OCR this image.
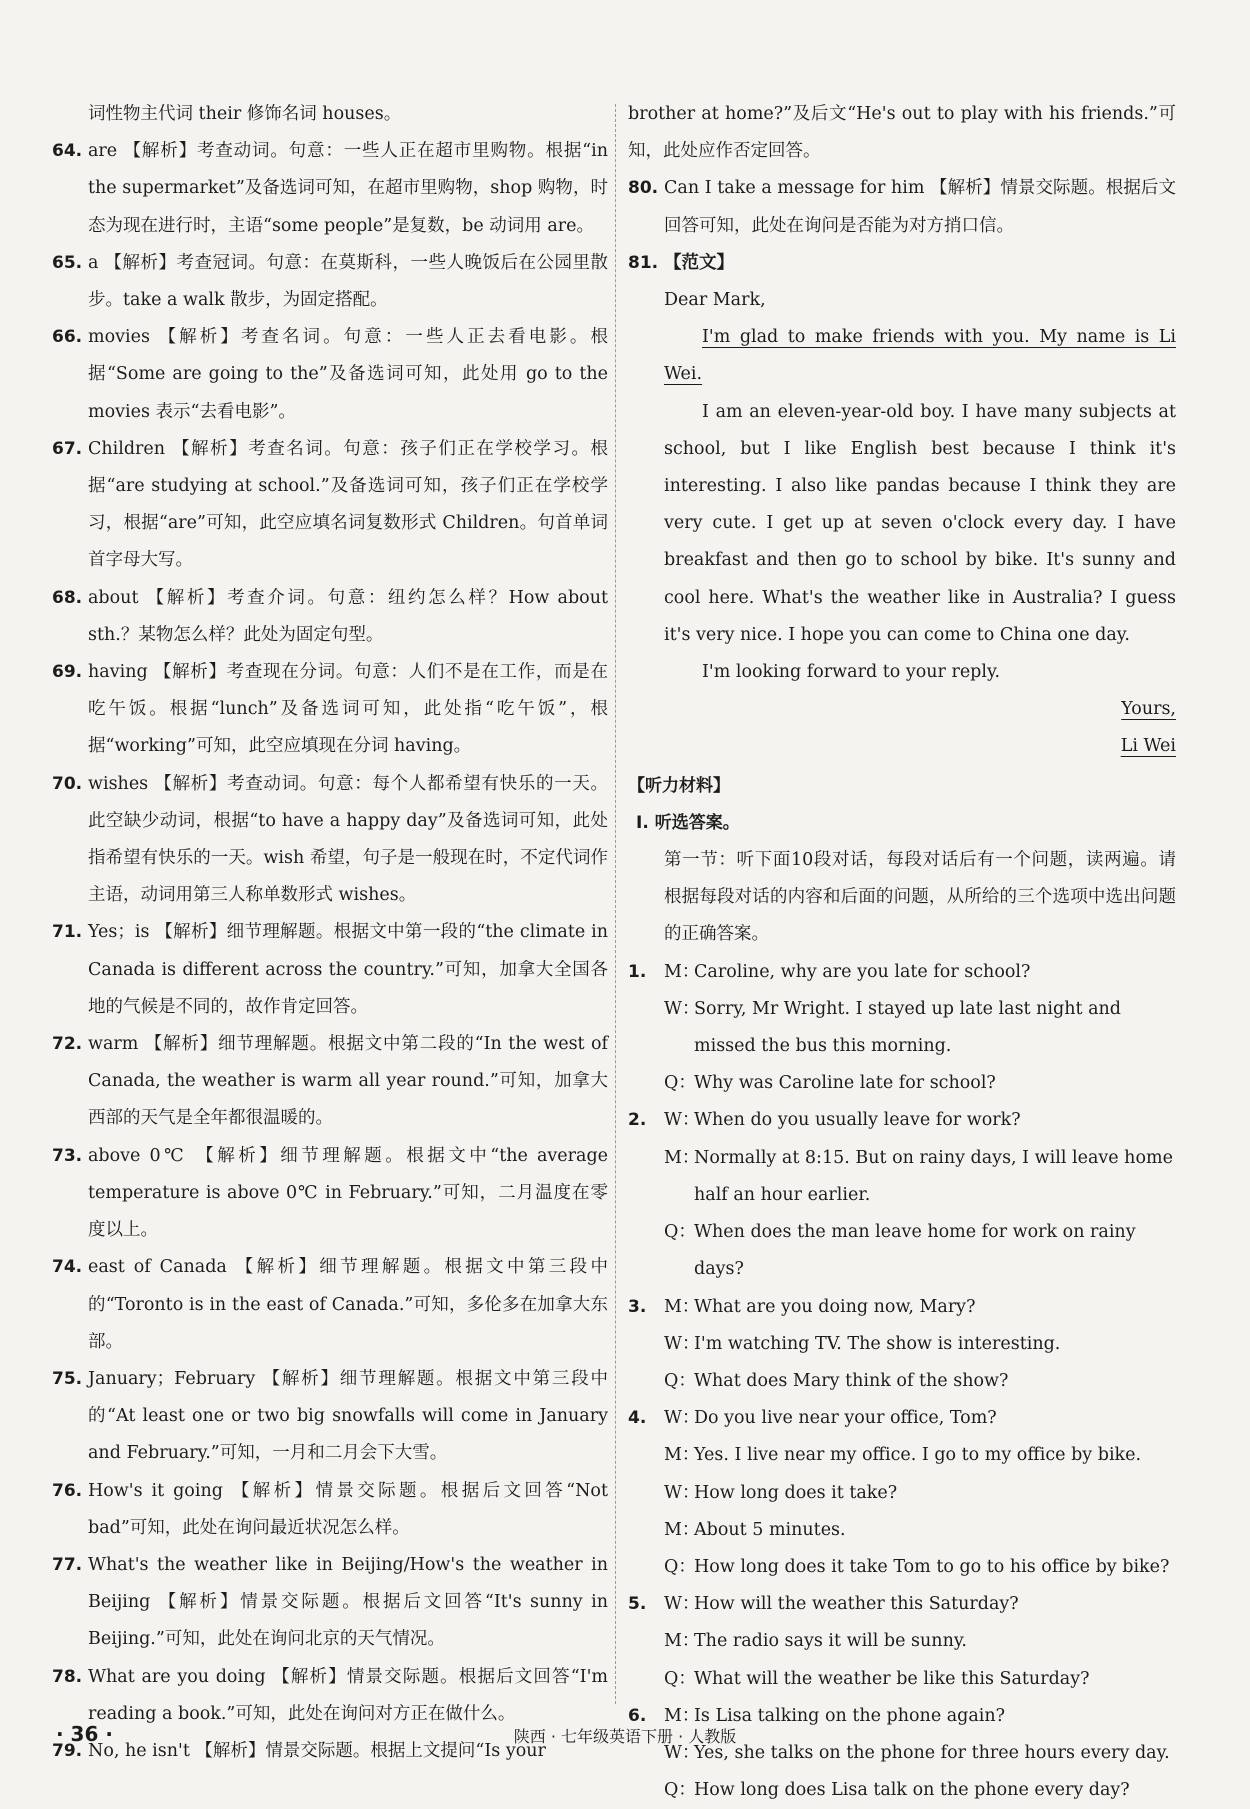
词性物主代词 their 修饰名词 houses。
64. are 【解析】考查动词。句意：一些人正在超市里购物。根据“in the supermarket”及备选词可知，在超市里购物，shop 购物，时态为现在进行时，主语“some people”是复数，be 动词用 are。
65. a 【解析】考查冠词。句意：在莫斯科，一些人晚饭后在公园里散步。take a walk 散步，为固定搭配。
66. movies 【解析】考查名词。句意：一些人正去看电影。根据“Some are going to the”及备选词可知，此处用 go to the movies 表示“去看电影”。
67. Children 【解析】考查名词。句意：孩子们正在学校学习。根据“are studying at school.”及备选词可知，孩子们正在学校学习，根据“are”可知，此空应填名词复数形式 Children。句首单词首字母大写。
68. about 【解析】考查介词。句意：纽约怎么样？How about sth.？某物怎么样？此处为固定句型。
69. having 【解析】考查现在分词。句意：人们不是在工作，而是在吃午饭。根据“lunch”及备选词可知，此处指“吃午饭”，根据“working”可知，此空应填现在分词 having。
70. wishes 【解析】考查动词。句意：每个人都希望有快乐的一天。此空缺少动词，根据“to have a happy day”及备选词可知，此处指希望有快乐的一天。wish 希望，句子是一般现在时，不定代词作主语，动词用第三人称单数形式 wishes。
71. Yes；is 【解析】细节理解题。根据文中第一段的“the climate in Canada is different across the country.”可知，加拿大全国各地的气候是不同的，故作肯定回答。
72. warm 【解析】细节理解题。根据文中第二段的“In the west of Canada, the weather is warm all year round.”可知，加拿大西部的天气是全年都很温暖的。
73. above 0℃ 【解析】细节理解题。根据文中“the average temperature is above 0℃ in February.”可知，二月温度在零度以上。
74. east of Canada 【解析】细节理解题。根据文中第三段中的“Toronto is in the east of Canada.”可知，多伦多在加拿大东部。
75. January；February 【解析】细节理解题。根据文中第三段中的“At least one or two big snowfalls will come in January and February.”可知，一月和二月会下大雪。
76. How's it going 【解析】情景交际题。根据后文回答“Not bad”可知，此处在询问最近状况怎么样。
77. What's the weather like in Beijing/How's the weather in Beijing 【解析】情景交际题。根据后文回答“It's sunny in Beijing.”可知，此处在询问北京的天气情况。
78. What are you doing 【解析】情景交际题。根据后文回答“I'm reading a book.”可知，此处在询问对方正在做什么。
79. No, he isn't 【解析】情景交际题。根据上文提问“Is your
brother at home?”及后文“He's out to play with his friends.”可知，此处应作否定回答。
80. Can I take a message for him 【解析】情景交际题。根据后文回答可知，此处在询问是否能为对方捎口信。
81. 【范文】
Dear Mark,
I'm glad to make friends with you. My name is Li Wei.
I am an eleven-year-old boy. I have many subjects at school, but I like English best because I think it's interesting. I also like pandas because I think they are very cute. I get up at seven o'clock every day. I have breakfast and then go to school by bike. It's sunny and cool here. What's the weather like in Australia? I guess it's very nice. I hope you can come to China one day.
I'm looking forward to your reply.
Yours,
Li Wei
【听力材料】
Ⅰ. 听选答案。
第一节：听下面10段对话，每段对话后有一个问题，读两遍。请根据每段对话的内容和后面的问题，从所给的三个选项中选出问题的正确答案。
1. M：
Caroline, why are you late for school?
W：
Sorry, Mr Wright. I stayed up late last night and missed the bus this morning.
Q：
Why was Caroline late for school?
2. W：
When do you usually leave for work?
M：
Normally at 8:15. But on rainy days, I will leave home half an hour earlier.
Q：
When does the man leave home for work on rainy days?
3. M：
What are you doing now, Mary?
W：
I'm watching TV. The show is interesting.
Q：
What does Mary think of the show?
4. W：
Do you live near your office, Tom?
M：
Yes. I live near my office. I go to my office by bike.
W：
How long does it take?
M：
About 5 minutes.
Q：
How long does it take Tom to go to his office by bike?
5. W：
How will the weather this Saturday?
M：
The radio says it will be sunny.
Q：
What will the weather be like this Saturday?
6. M：
Is Lisa talking on the phone again?
W：
Yes, she talks on the phone for three hours every day.
Q：
How long does Lisa talk on the phone every day?
· 36 ·	陕西 · 七年级英语下册 · 人教版
